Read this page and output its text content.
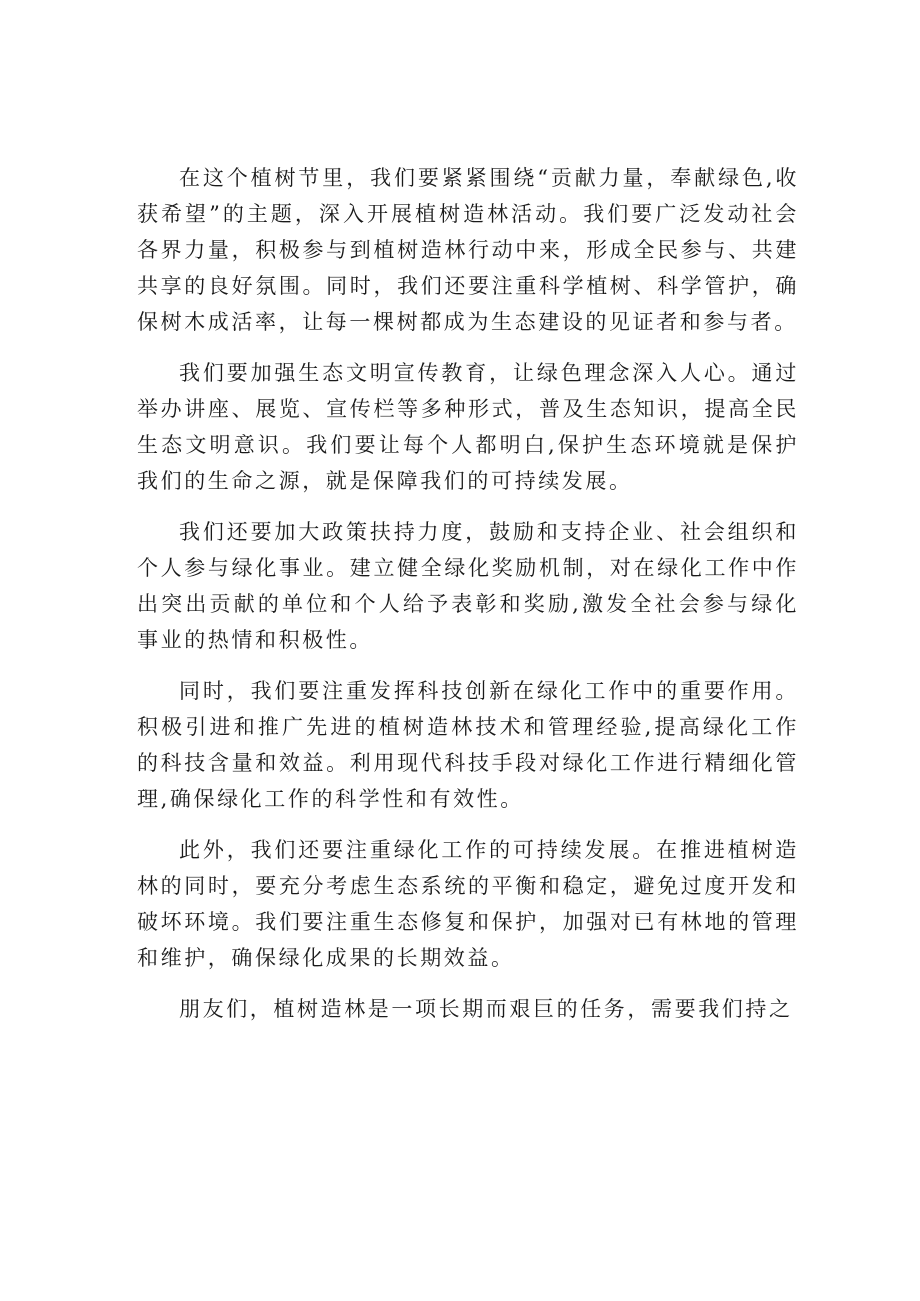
在这个植树节里，我们要紧紧围绕“贡献力量，奉献绿色,收获希望”的主题，深入开展植树造林活动。我们要广泛发动社会各界力量，积极参与到植树造林行动中来，形成全民参与、共建共享的良好氛围。同时，我们还要注重科学植树、科学管护，确保树木成活率，让每一棵树都成为生态建设的见证者和参与者。

我们要加强生态文明宣传教育，让绿色理念深入人心。通过举办讲座、展览、宣传栏等多种形式，普及生态知识，提高全民生态文明意识。我们要让每个人都明白,保护生态环境就是保护我们的生命之源，就是保障我们的可持续发展。

我们还要加大政策扶持力度，鼓励和支持企业、社会组织和个人参与绿化事业。建立健全绿化奖励机制，对在绿化工作中作出突出贡献的单位和个人给予表彰和奖励,激发全社会参与绿化事业的热情和积极性。

同时，我们要注重发挥科技创新在绿化工作中的重要作用。积极引进和推广先进的植树造林技术和管理经验,提高绿化工作的科技含量和效益。利用现代科技手段对绿化工作进行精细化管理,确保绿化工作的科学性和有效性。

此外，我们还要注重绿化工作的可持续发展。在推进植树造林的同时，要充分考虑生态系统的平衡和稳定，避免过度开发和破坏环境。我们要注重生态修复和保护，加强对已有林地的管理和维护，确保绿化成果的长期效益。

朋友们，植树造林是一项长期而艰巨的任务，需要我们持之
